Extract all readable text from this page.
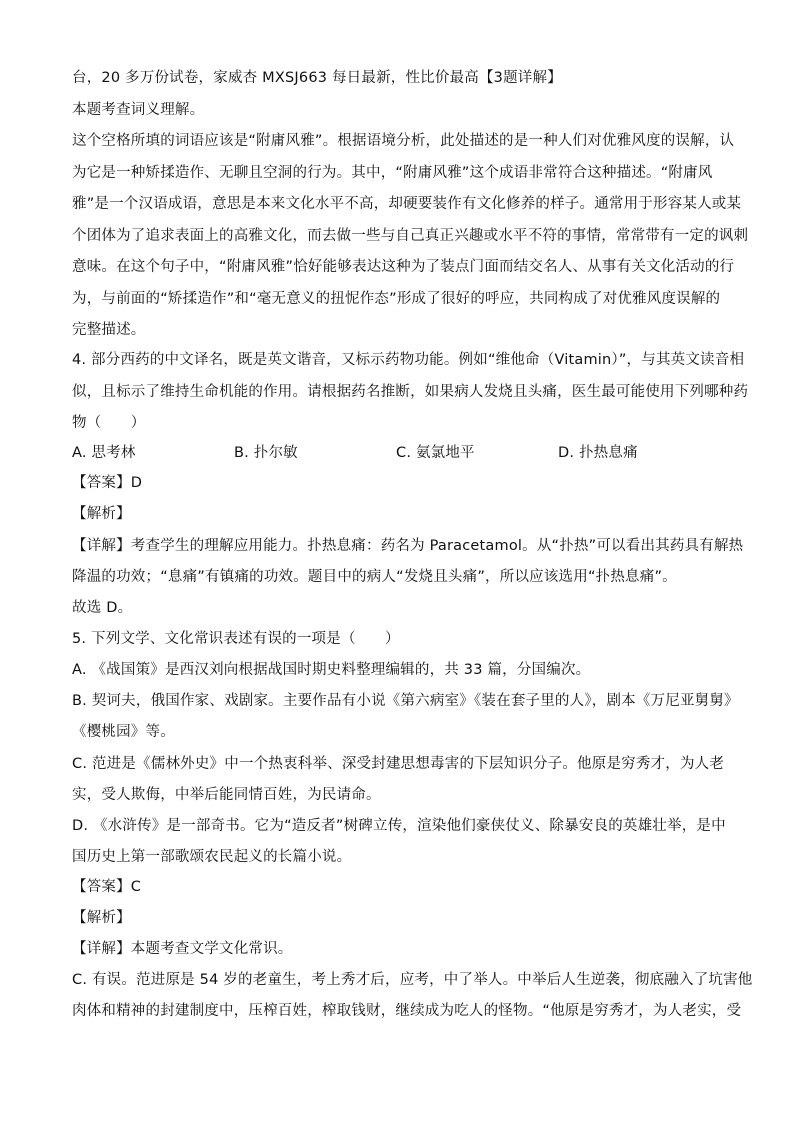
台，20 多万份试卷，家威杏 MXSJ663 每日最新，性比价最高【3题详解】
本题考查词义理解。
这个空格所填的词语应该是“附庸风雅”。根据语境分析，此处描述的是一种人们对优雅风度的误解，认
为它是一种矫揉造作、无聊且空洞的行为。其中，“附庸风雅”这个成语非常符合这种描述。“附庸风
雅”是一个汉语成语，意思是本来文化水平不高，却硬要装作有文化修养的样子。通常用于形容某人或某
个团体为了追求表面上的高雅文化，而去做一些与自己真正兴趣或水平不符的事情，常常带有一定的讽刺
意味。在这个句子中，“附庸风雅”恰好能够表达这种为了装点门面而结交名人、从事有关文化活动的行
为，与前面的“矫揉造作”和“毫无意义的扭怩作态”形成了很好的呼应，共同构成了对优雅风度误解的
完整描述。
4. 部分西药的中文译名，既是英文谐音，又标示药物功能。例如“维他命（Vitamin）”，与其英文读音相
似，且标示了维持生命机能的作用。请根据药名推断，如果病人发烧且头痛，医生最可能使用下列哪种药
物（　　）
A. 思考林	B. 扑尔敏	C. 氨氯地平	D. 扑热息痛
【答案】D
【解析】
【详解】考查学生的理解应用能力。扑热息痛：药名为 Paracetamol。从“扑热”可以看出其药具有解热
降温的功效；“息痛”有镇痛的功效。题目中的病人“发烧且头痛”，所以应该选用“扑热息痛”。
故选 D。
5. 下列文学、文化常识表述有误的一项是（　　）
A. 《战国策》是西汉刘向根据战国时期史料整理编辑的，共 33 篇，分国编次。
B. 契诃夫，俄国作家、戏剧家。主要作品有小说《第六病室》《装在套子里的人》，剧本《万尼亚舅舅》
《樱桃园》等。
C. 范进是《儒林外史》中一个热衷科举、深受封建思想毒害的下层知识分子。他原是穷秀才，为人老
实，受人欺侮，中举后能同情百姓，为民请命。
D. 《水浒传》是一部奇书。它为“造反者”树碑立传，渲染他们豪侠仗义、除暴安良的英雄壮举，是中
国历史上第一部歌颂农民起义的长篇小说。
【答案】C
【解析】
【详解】本题考查文学文化常识。
C. 有误。范进原是 54 岁的老童生，考上秀才后，应考，中了举人。中举后人生逆袭，彻底融入了坑害他
肉体和精神的封建制度中，压榨百姓，榨取钱财，继续成为吃人的怪物。“他原是穷秀才，为人老实，受
